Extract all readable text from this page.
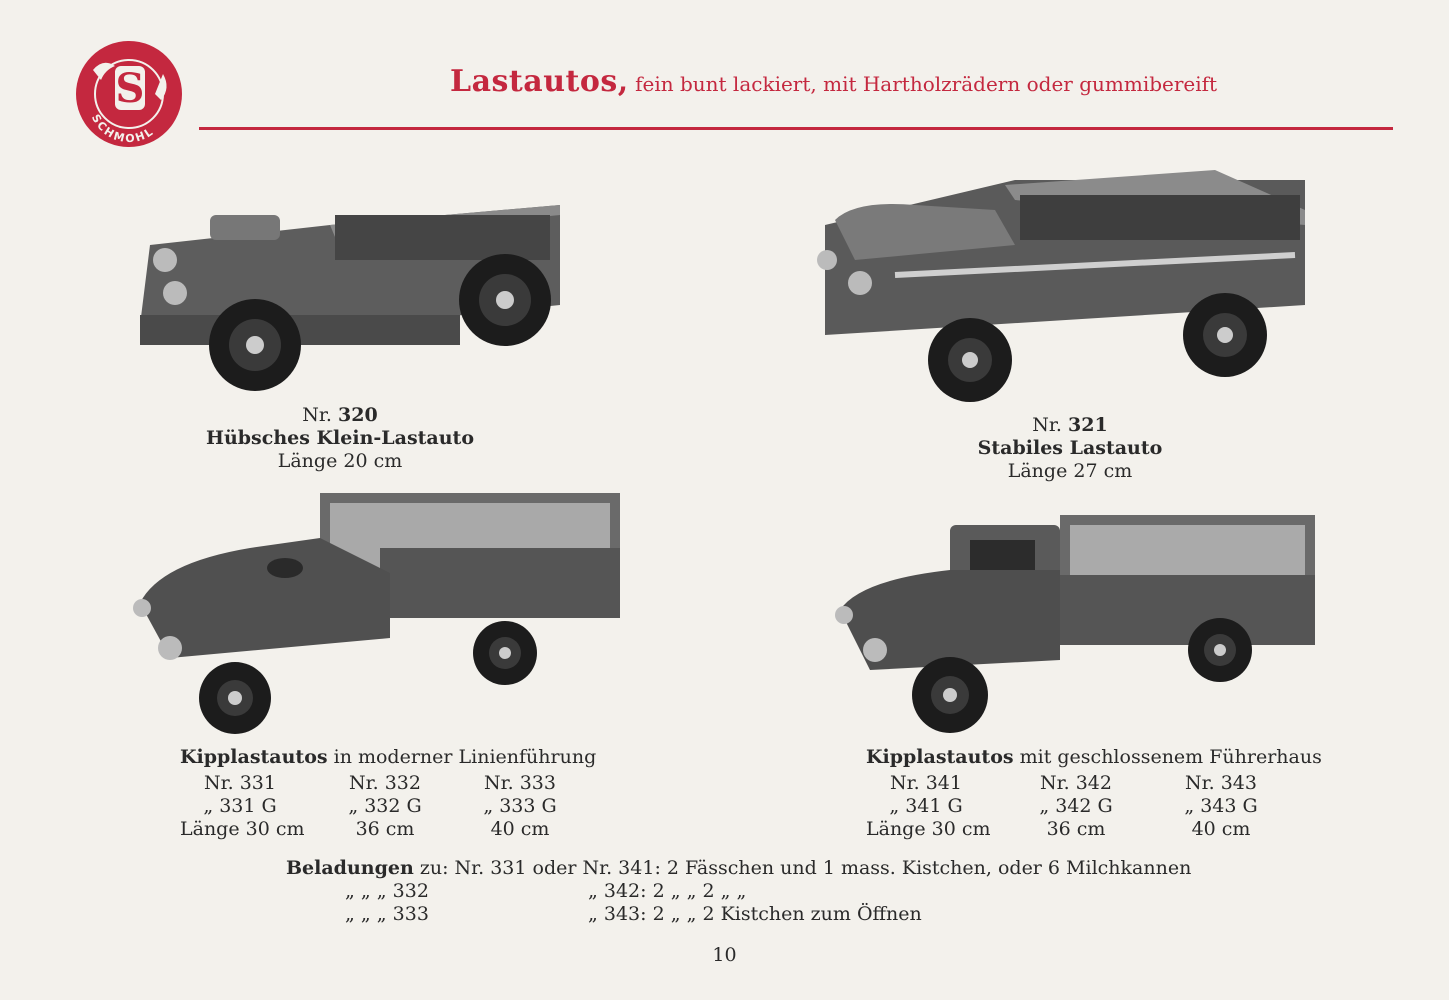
S
SCHMOHL
Lastautos, fein bunt lackiert, mit Hartholzrädern oder gummibereift
Nr. 320
Hübsches Klein-Lastauto
Länge 20 cm
Nr. 321
Stabiles Lastauto
Länge 27 cm
Kipplastautos in moderner Linienführung
Nr. 331	Nr. 332	Nr. 333
„ 331 G	„ 332 G	„ 333 G
Länge 30 cm	36 cm	40 cm
Kipplastautos mit geschlossenem Führerhaus
Nr. 341	Nr. 342	Nr. 343
„ 341 G	„ 342 G	„ 343 G
Länge 30 cm	36 cm	40 cm
Beladungen zu: Nr. 331 oder Nr. 341: 2 Fässchen und 1 mass. Kistchen, oder 6 Milchkannen
„ „ „ 332	„ 342: 2 „ „ 2 „ „
„ „ „ 333	„ 343: 2 „ „ 2 Kistchen zum Öffnen
10
